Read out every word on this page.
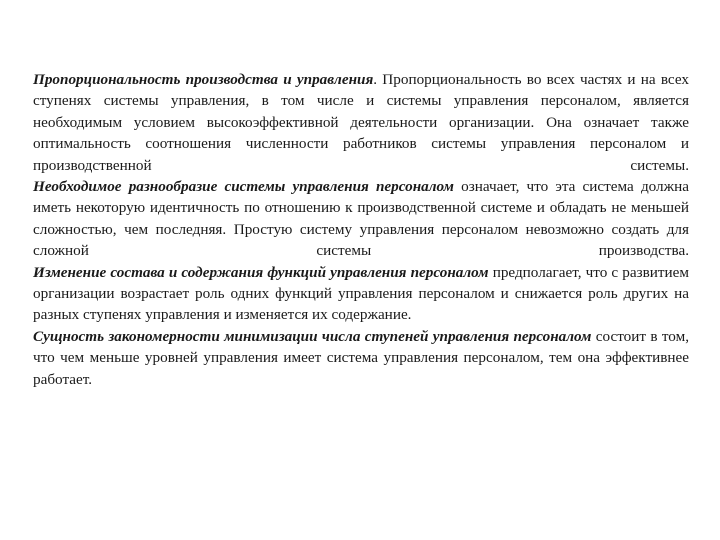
Пропорциональность производства и управления. Пропорциональность во всех частях и на всех ступенях системы управления, в том числе и системы управления персоналом, является необходимым условием высокоэффективной деятельности организации. Она означает также оптимальность соотношения численности работников системы управления персоналом и производственной системы.

Необходимое разнообразие системы управления персоналом означает, что эта система должна иметь некоторую идентичность по отношению к производственной системе и обладать не меньшей сложностью, чем последняя. Простую систему управления персоналом невозможно создать для сложной системы производства.

Изменение состава и содержания функций управления персоналом предполагает, что с развитием организации возрастает роль одних функций управления персоналом и снижается роль других на разных ступенях управления и изменяется их содержание.

Сущность закономерности минимизации числа ступеней управления персоналом состоит в том, что чем меньше уровней управления имеет система управления персоналом, тем она эффективнее работает.
